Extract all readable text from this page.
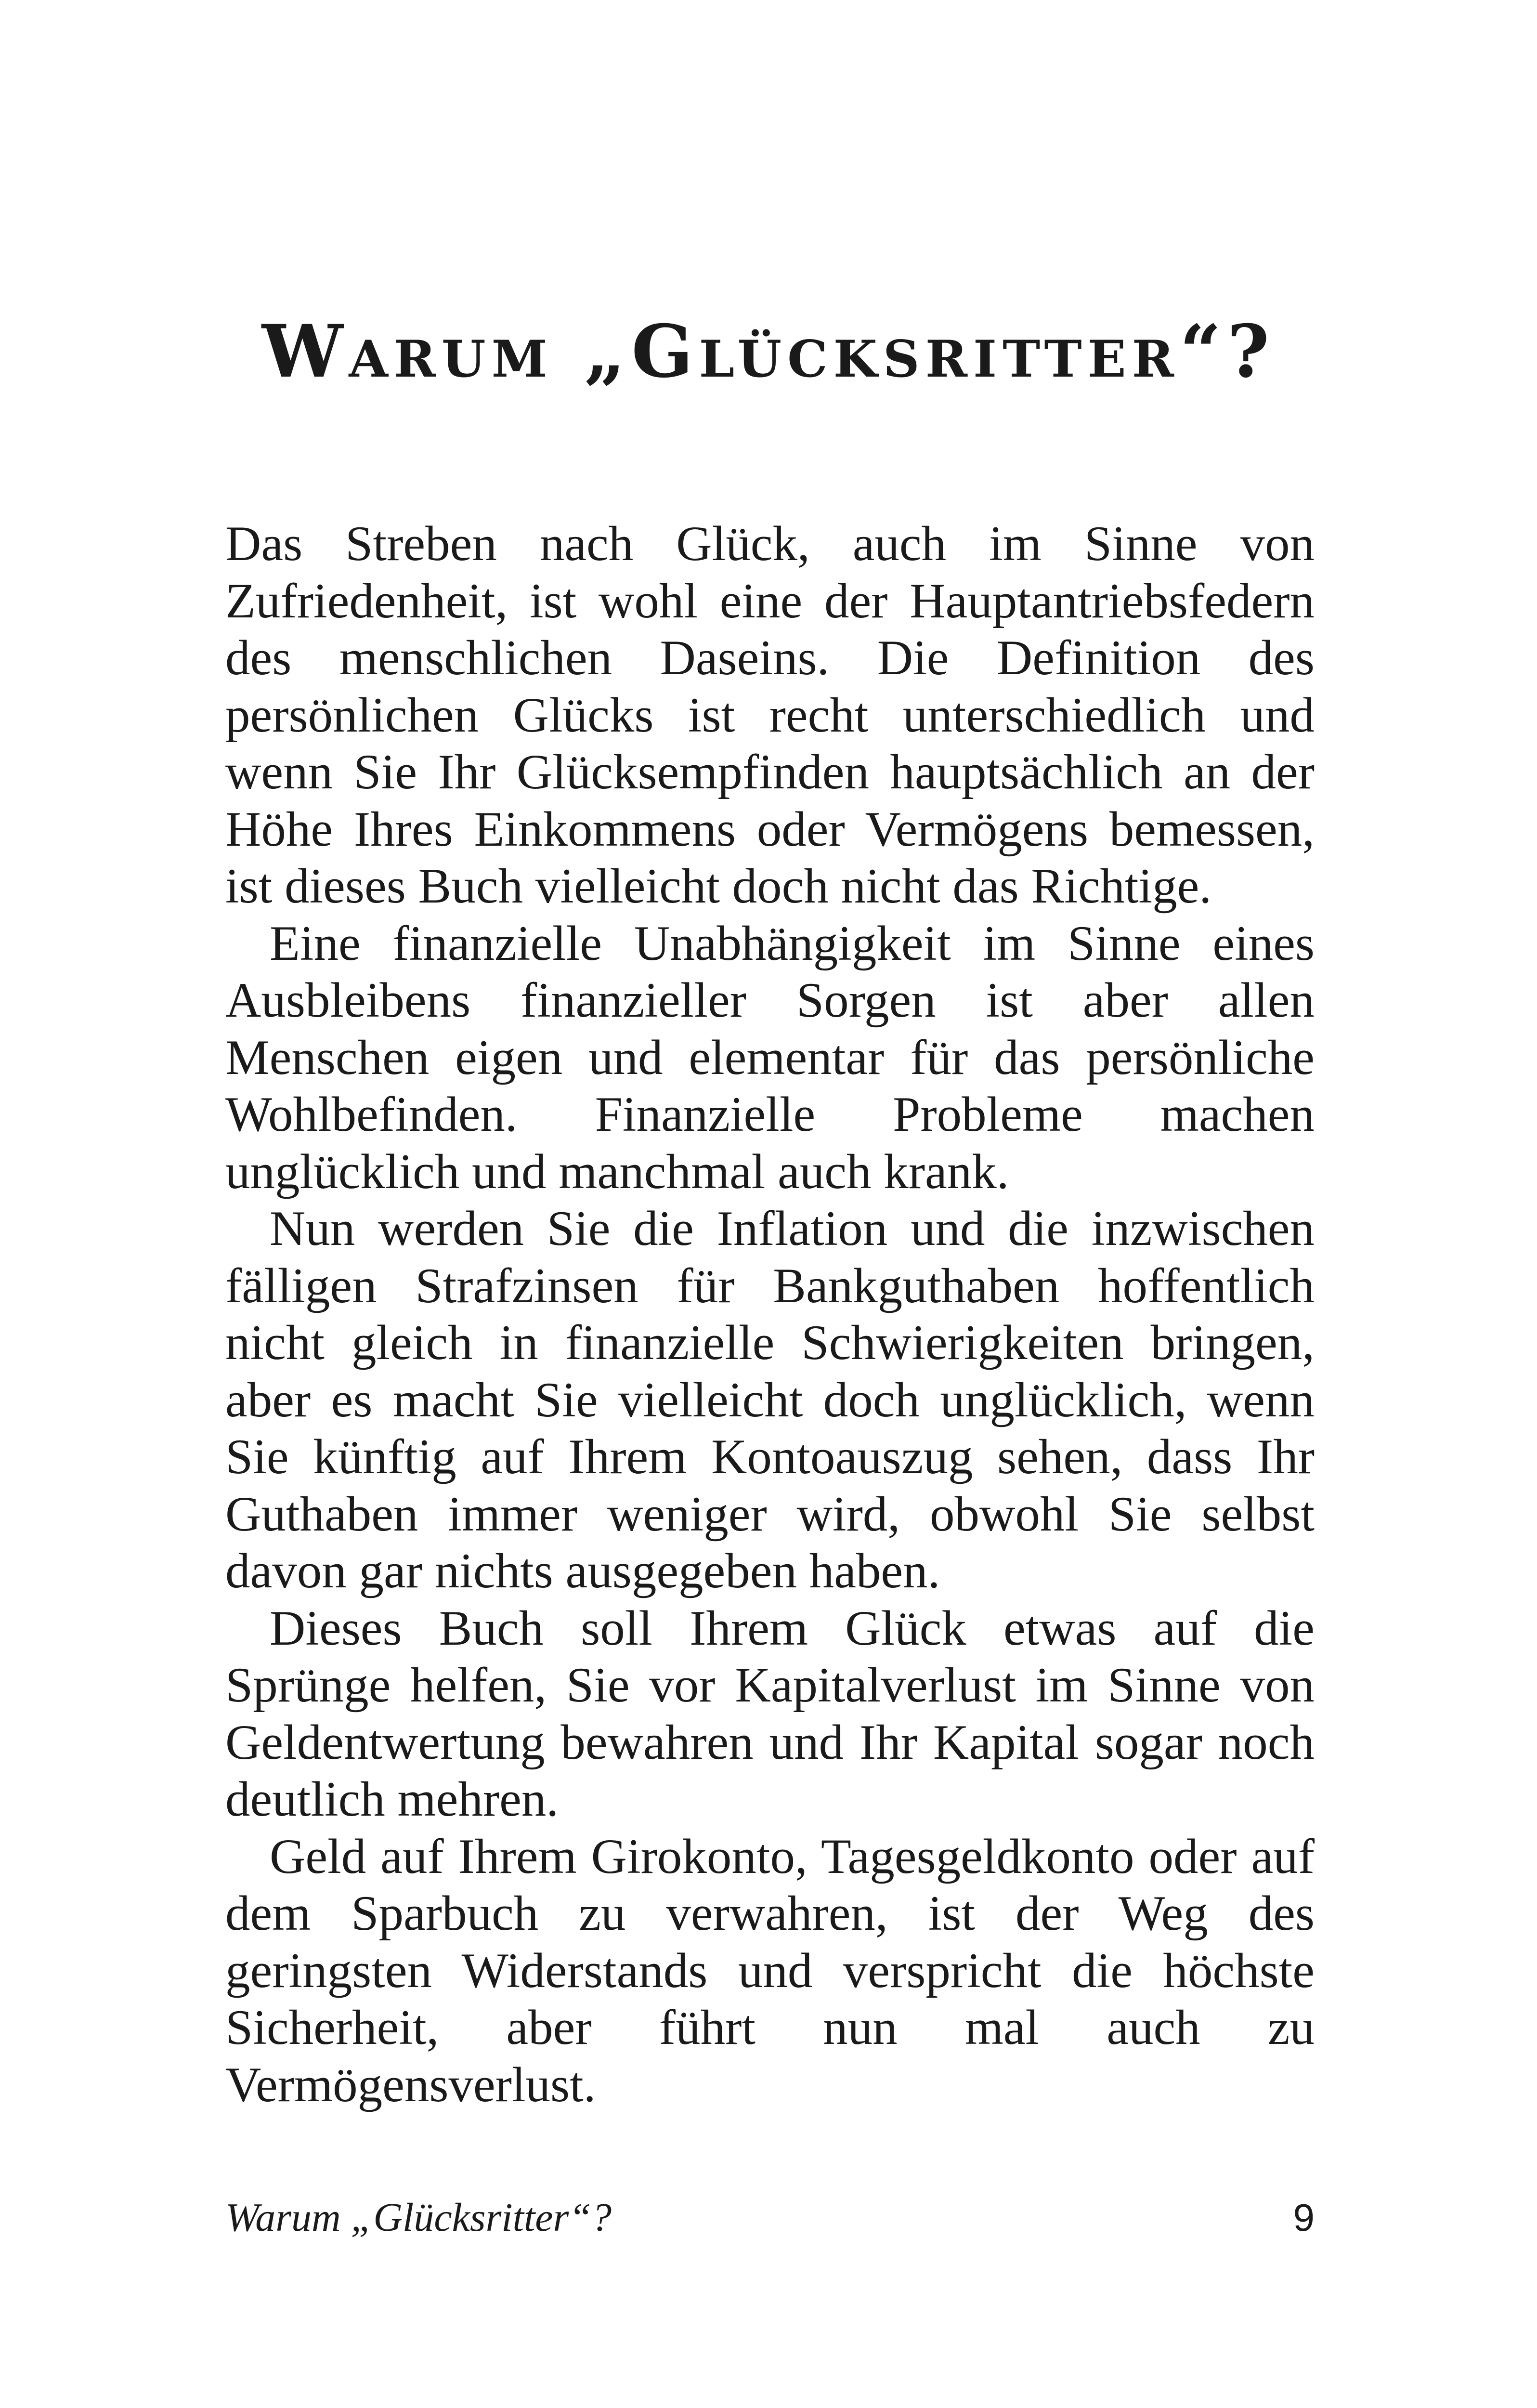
Warum „Glücksritter“?

Das Streben nach Glück, auch im Sinne von Zufriedenheit, ist wohl eine der Hauptantriebsfedern des menschlichen Daseins. Die Definition des persönlichen Glücks ist recht unterschiedlich und wenn Sie Ihr Glücksempfinden hauptsächlich an der Höhe Ihres Einkommens oder Vermögens bemessen, ist dieses Buch vielleicht doch nicht das Richtige.

Eine finanzielle Unabhängigkeit im Sinne eines Ausbleibens finanzieller Sorgen ist aber allen Menschen eigen und elementar für das persönliche Wohlbefinden. Finanzielle Probleme machen unglücklich und manchmal auch krank.

Nun werden Sie die Inflation und die inzwischen fälligen Strafzinsen für Bankguthaben hoffentlich nicht gleich in finanzielle Schwierigkeiten bringen, aber es macht Sie vielleicht doch unglücklich, wenn Sie künftig auf Ihrem Kontoauszug sehen, dass Ihr Guthaben immer weniger wird, obwohl Sie selbst davon gar nichts ausgegeben haben.

Dieses Buch soll Ihrem Glück etwas auf die Sprünge helfen, Sie vor Kapitalverlust im Sinne von Geldentwertung bewahren und Ihr Kapital sogar noch deutlich mehren.

Geld auf Ihrem Girokonto, Tagesgeldkonto oder auf dem Sparbuch zu verwahren, ist der Weg des geringsten Widerstands und verspricht die höchste Sicherheit, aber führt nun mal auch zu Vermögensverlust.

Warum „Glücksritter“?	9
